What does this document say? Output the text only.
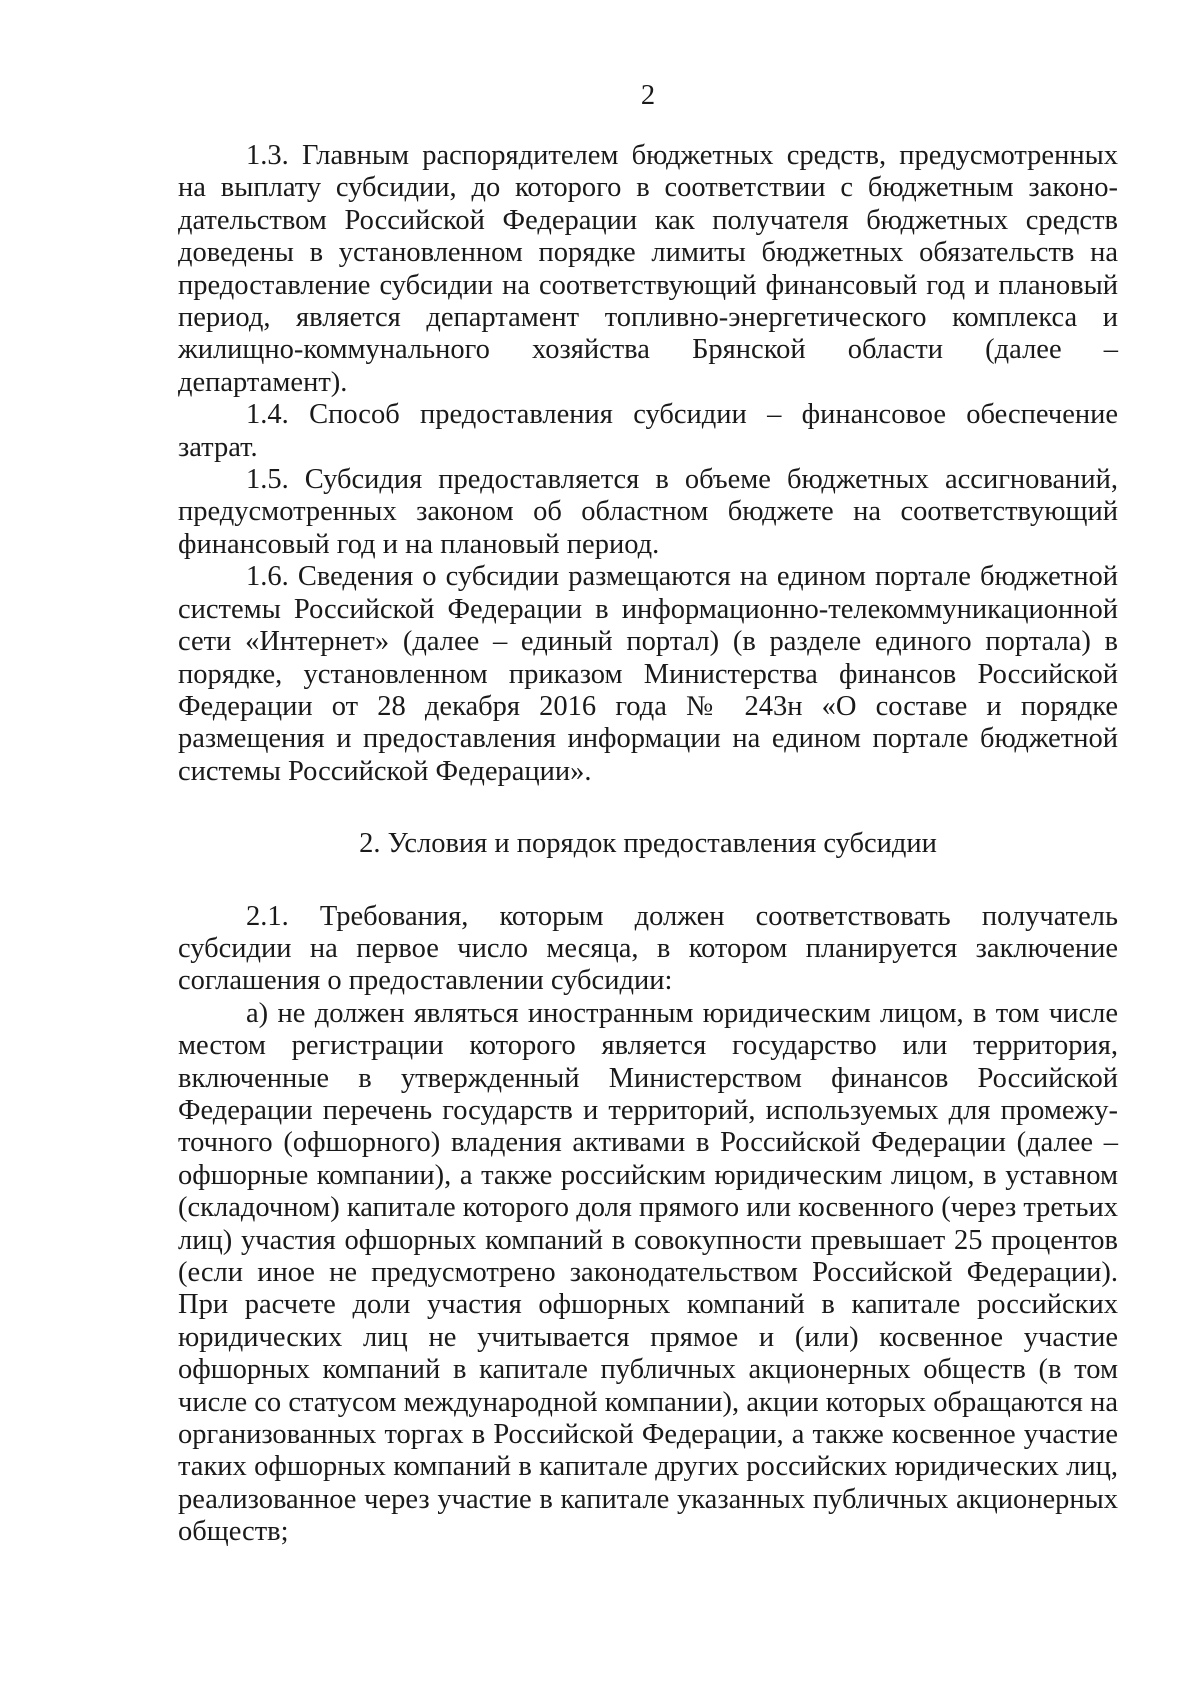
2

1.3. Главным распорядителем бюджетных средств, предусмотренных на выплату субсидии, до которого в соответствии с бюджетным законодательством Российской Федерации как получателя бюджетных средств доведены в установленном порядке лимиты бюджетных обязательств на предоставление субсидии на соответствующий финансовый год и плановый период, является департамент топливно-энергетического комплекса и жилищно-коммунального хозяйства Брянской области (далее – департамент).

1.4. Способ предоставления субсидии – финансовое обеспечение затрат.

1.5. Субсидия предоставляется в объеме бюджетных ассигнований, предусмотренных законом об областном бюджете на соответствующий финансовый год и на плановый период.

1.6. Сведения о субсидии размещаются на едином портале бюджетной системы Российской Федерации в информационно-телекоммуникационной сети «Интернет» (далее – единый портал) (в разделе единого портала) в порядке, установленном приказом Министерства финансов Российской Федерации от 28 декабря 2016 года № 243н «О составе и порядке размещения и предоставления информации на едином портале бюджетной системы Российской Федерации».

2. Условия и порядок предоставления субсидии

2.1. Требования, которым должен соответствовать получатель субсидии на первое число месяца, в котором планируется заключение соглашения о предоставлении субсидии:

а) не должен являться иностранным юридическим лицом, в том числе местом регистрации которого является государство или территория, включенные в утвержденный Министерством финансов Российской Федерации перечень государств и территорий, используемых для промежуточного (офшорного) владения активами в Российской Федерации (далее – офшорные компании), а также российским юридическим лицом, в уставном (складочном) капитале которого доля прямого или косвенного (через третьих лиц) участия офшорных компаний в совокупности превышает 25 процентов (если иное не предусмотрено законодательством Российской Федерации). При расчете доли участия офшорных компаний в капитале российских юридических лиц не учитывается прямое и (или) косвенное участие офшорных компаний в капитале публичных акционерных обществ (в том числе со статусом международной компании), акции которых обращаются на организованных торгах в Российской Федерации, а также косвенное участие таких офшорных компаний в капитале других российских юридических лиц, реализованное через участие в капитале указанных публичных акционерных обществ;
